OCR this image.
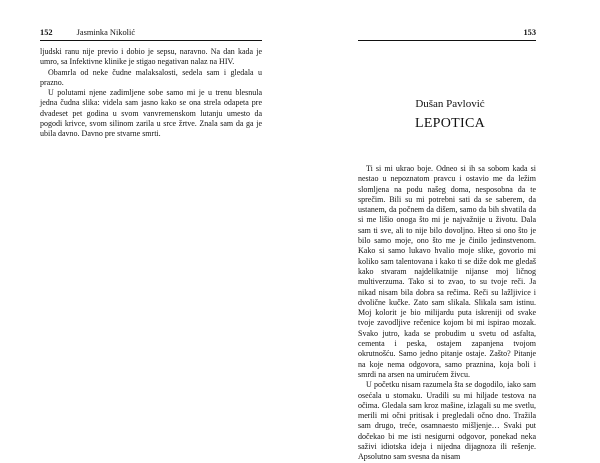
152	Jasminka Nikolić

ljudski ranu nije previo i dobio je sepsu, naravno. Na dan kada je umro, sa Infektivne klinike je stigao negativan nalaz na HIV.

Obamrla od neke čudne malaksalosti, sedela sam i gledala u prazno.

U polutami njene zadimljene sobe samo mi je u trenu blesnula jedna čudna slika: videla sam jasno kako se ona strela odapeta pre dvadeset pet godina u svom vanvremenskom lutanju umesto da pogodi krivce, svom silinom zarila u srce žrtve. Znala sam da ga je ubila davno. Davno pre stvarne smrti.

153
Dušan Pavlović
LEPOTICA

Ti si mi ukrao boje. Odneo si ih sa sobom kada si nestao u nepoznatom pravcu i ostavio me da ležim slomljena na podu našeg doma, nesposobna da te sprečim. Bili su mi potrebni sati da se saberem, da ustanem, da počnem da dišem, samo da bih shvatila da si me lišio onoga što mi je najvažnije u životu. Dala sam ti sve, ali to nije bilo dovoljno. Hteo si ono što je bilo samo moje, ono što me je činilo jedinstvenom. Kako si samo lukavo hvalio moje slike, govorio mi koliko sam talentovana i kako ti se diže dok me gledaš kako stvaram najdelikatnije nijanse moj ličnog multiverzuma. Tako si to zvao, to su tvoje reči. Ja nikad nisam bila dobra sa rečima. Reči su lažljivice i dvolične kučke. Zato sam slikala. Slikala sam istinu. Moj kolorit je bio milijardu puta iskreniji od svake tvoje zavodljive rečenice kojom bi mi ispirao mozak. Svako jutro, kada se probudim u svetu od asfalta, cementa i peska, ostajem zapanjena tvojom okrutnošću. Samo jedno pitanje ostaje. Zašto? Pitanje na koje nema odgovora, samo praznina, koja boli i smrdi na arsen na umirućem živcu.

U početku nisam razumela šta se dogodilo, iako sam osećala u stomaku. Uradili su mi hiljade testova na očima. Gledala sam kroz mašine, izlagali su me svetlu, merili mi očni pritisak i pregledali očno dno. Tražila sam drugo, treće, osamnaesto mišljenje… Svaki put dočekao bi me isti nesigurni odgovor, ponekad neka saživi idiotska ideja i nijedna dijagnoza ili rešenje. Apsolutno sam svesna da nisam
